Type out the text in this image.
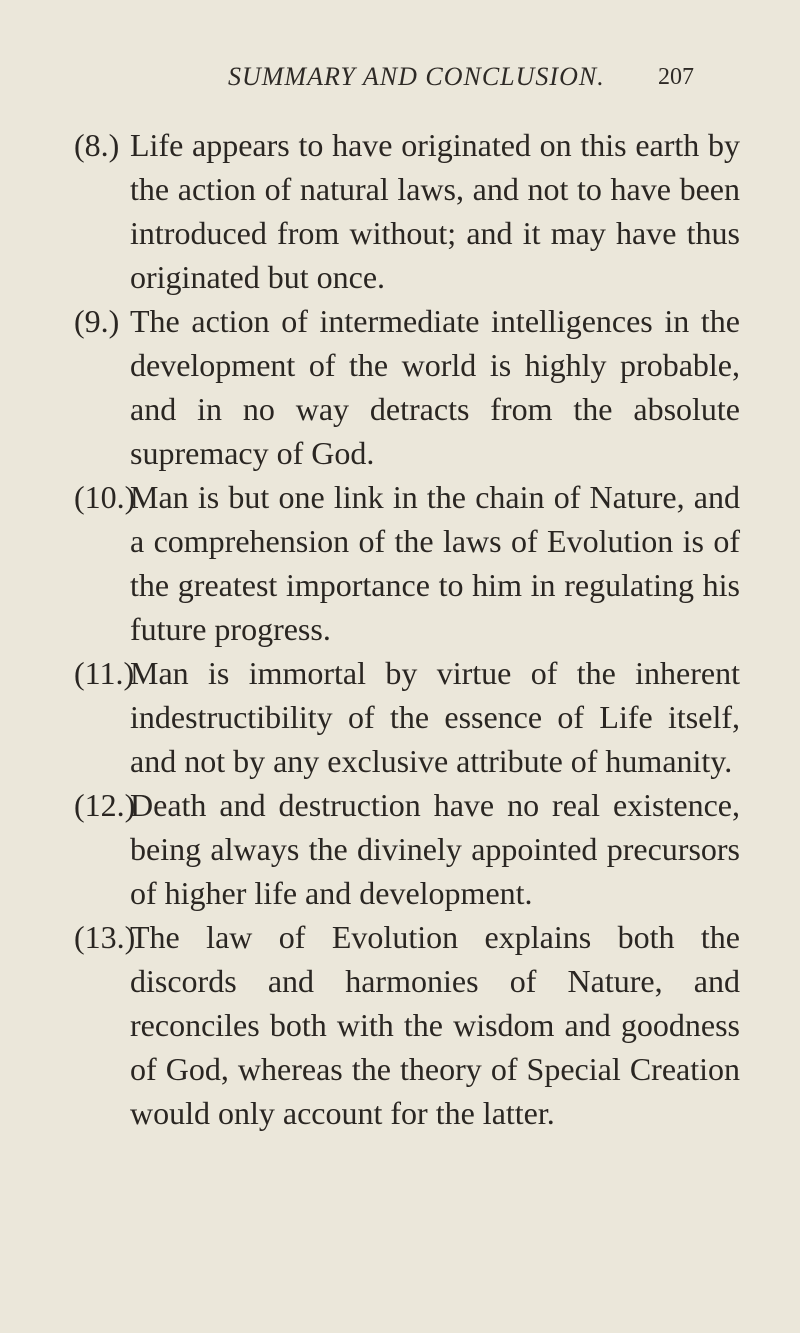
SUMMARY AND CONCLUSION. 207
(8.) Life appears to have originated on this earth by the action of natural laws, and not to have been introduced from without; and it may have thus originated but once.
(9.) The action of intermediate intelligences in the development of the world is highly probable, and in no way detracts from the absolute supremacy of God.
(10.)
Man is but one link in the chain of Nature, and a comprehension of the laws of Evolution is of the greatest importance to him in regulating his future progress.
(11.)
Man is immortal by virtue of the inherent indestructibility of the essence of Life itself, and not by any exclusive attribute of humanity.
(12.)
Death and destruction have no real existence, being always the divinely appointed precursors of higher life and development.
(13.)
The law of Evolution explains both the discords and harmonies of Nature, and reconciles both with the wisdom and goodness of God, whereas the theory of Special Creation would only account for the latter.
